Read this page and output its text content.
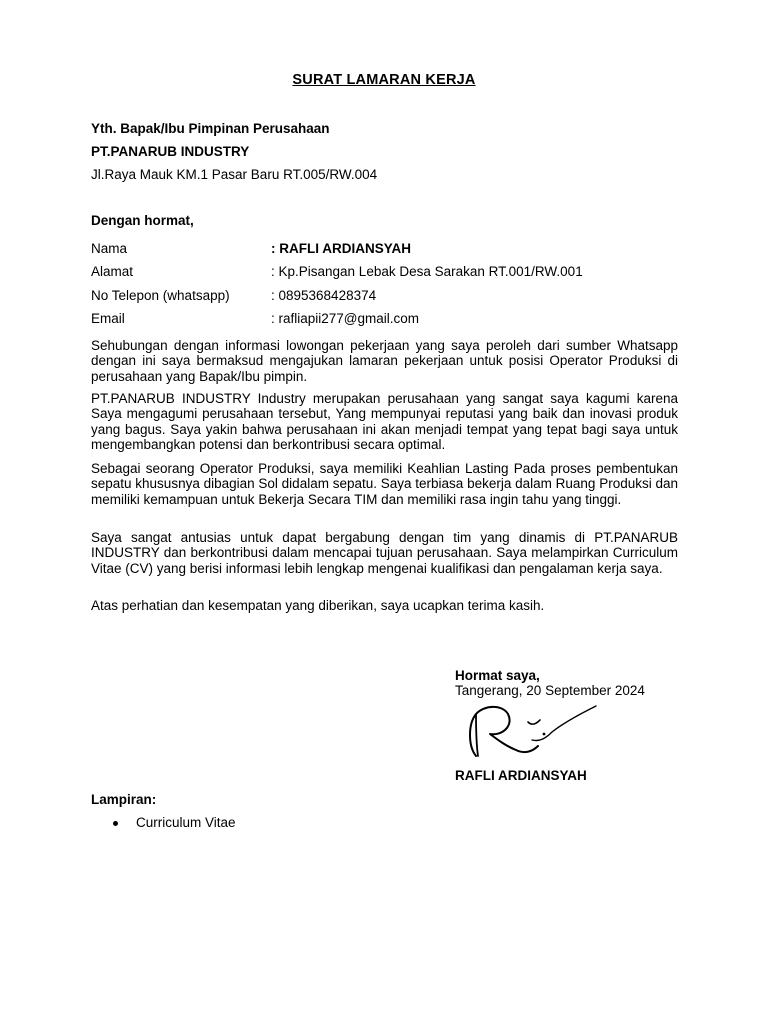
SURAT LAMARAN KERJA
Yth. Bapak/Ibu Pimpinan Perusahaan
PT.PANARUB INDUSTRY
Jl.Raya Mauk KM.1 Pasar Baru RT.005/RW.004
Dengan hormat,
Nama	: RAFLI ARDIANSYAH
Alamat	: Kp.Pisangan Lebak Desa Sarakan RT.001/RW.001
No Telepon (whatsapp)	: 0895368428374
Email	: rafliapii277@gmail.com
Sehubungan dengan informasi lowongan pekerjaan yang saya peroleh dari sumber Whatsapp dengan ini saya bermaksud mengajukan lamaran pekerjaan untuk posisi Operator Produksi di perusahaan yang Bapak/Ibu pimpin.
PT.PANARUB INDUSTRY Industry merupakan perusahaan yang sangat saya kagumi karena Saya mengagumi perusahaan tersebut, Yang mempunyai reputasi yang baik dan inovasi produk yang bagus. Saya yakin bahwa perusahaan ini akan menjadi tempat yang tepat bagi saya untuk mengembangkan potensi dan berkontribusi secara optimal.
Sebagai seorang Operator Produksi, saya memiliki Keahlian Lasting Pada proses pembentukan sepatu khususnya dibagian Sol didalam sepatu. Saya terbiasa bekerja dalam Ruang Produksi dan memiliki kemampuan untuk Bekerja Secara TIM dan memiliki rasa ingin tahu yang tinggi.
Saya sangat antusias untuk dapat bergabung dengan tim yang dinamis di PT.PANARUB INDUSTRY dan berkontribusi dalam mencapai tujuan perusahaan. Saya melampirkan Curriculum Vitae (CV) yang berisi informasi lebih lengkap mengenai kualifikasi dan pengalaman kerja saya.
Atas perhatian dan kesempatan yang diberikan, saya ucapkan terima kasih.
Hormat saya,
Tangerang, 20 September 2024
RAFLI ARDIANSYAH
Lampiran:
Curriculum Vitae
